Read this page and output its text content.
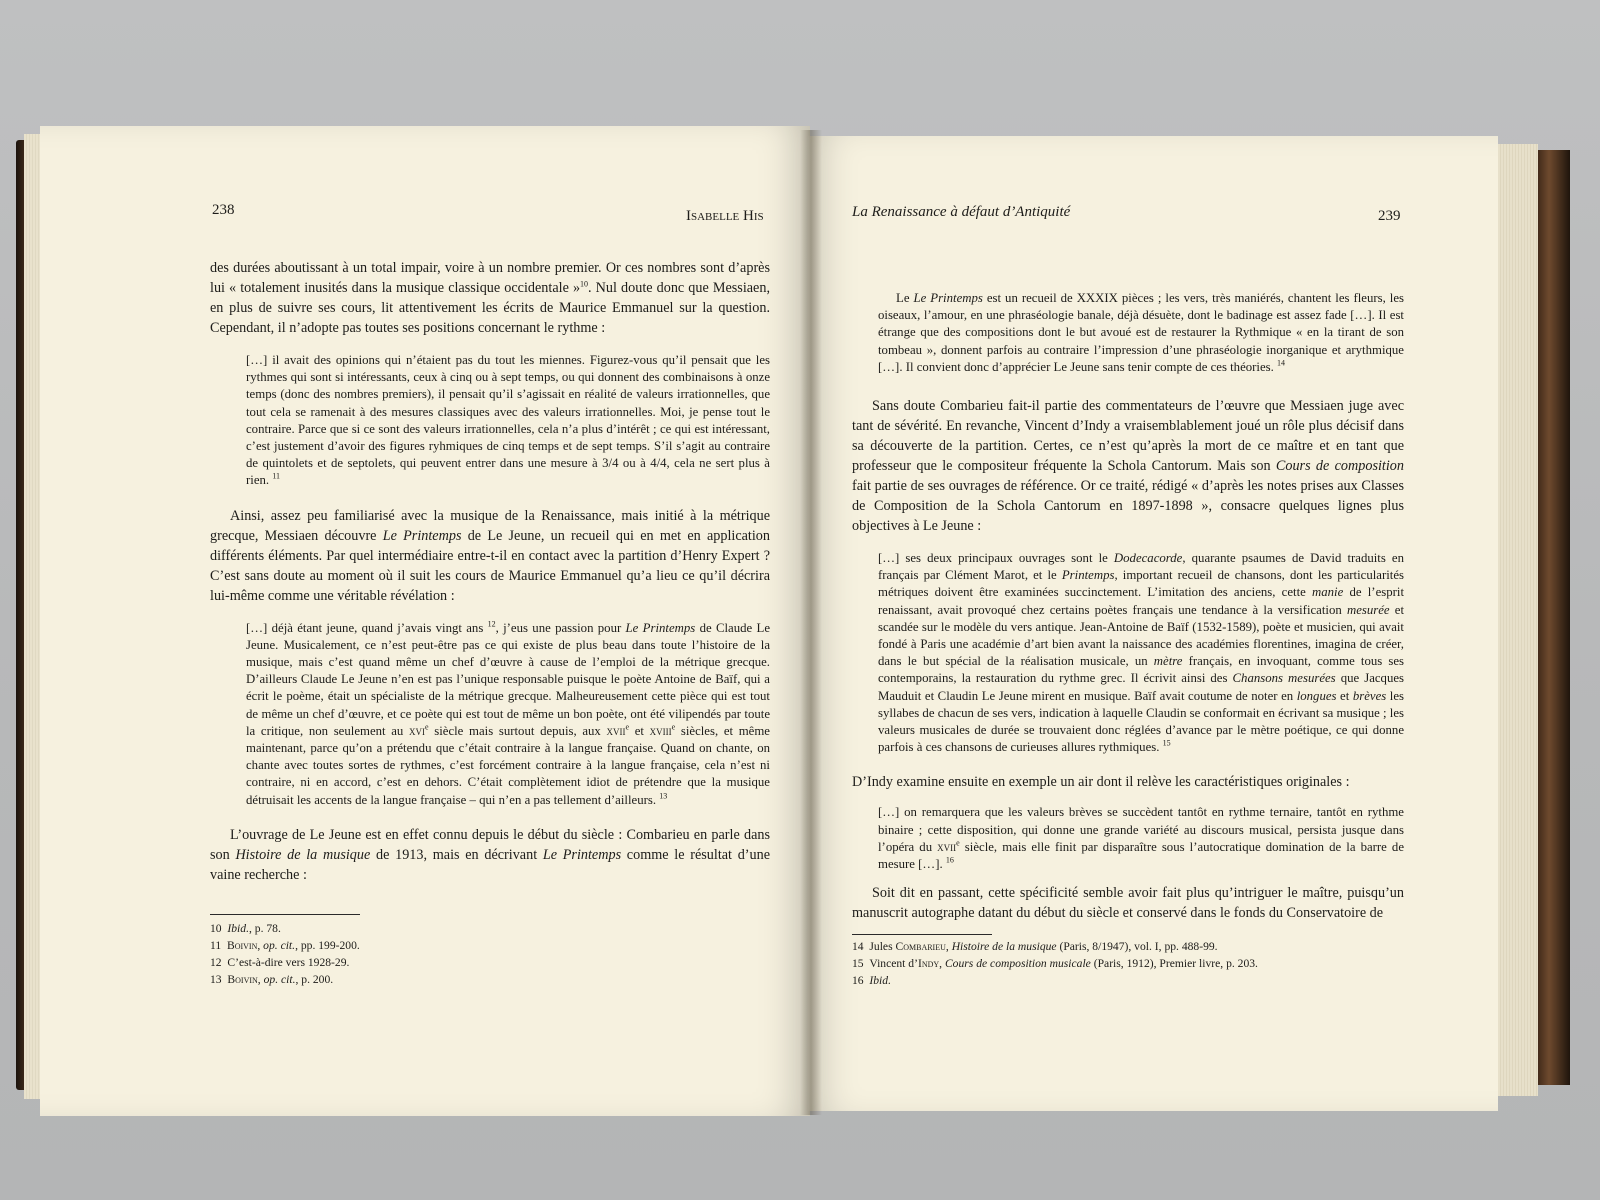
238	Isabelle His

des durées aboutissant à un total impair, voire à un nombre premier. Or ces nombres sont d’après lui « totalement inusités dans la musique classique occidentale »$^{10}$. Nul doute donc que Messiaen, en plus de suivre ses cours, lit attentivement les écrits de Maurice Emmanuel sur la question. Cependant, il n’adopte pas toutes ses positions concernant le rythme :

[…] il avait des opinions qui n’étaient pas du tout les miennes. Figurez-vous qu’il pensait que les rythmes qui sont si intéressants, ceux à cinq ou à sept temps, ou qui donnent des combinaisons à onze temps (donc des nombres premiers), il pensait qu’il s’agissait en réalité de valeurs irrationnelles, que tout cela se ramenait à des mesures classiques avec des valeurs irrationnelles. Moi, je pense tout le contraire. Parce que si ce sont des valeurs irrationnelles, cela n’a plus d’intérêt ; ce qui est intéressant, c’est justement d’avoir des figures ryhmiques de cinq temps et de sept temps. S’il s’agit au contraire de quintolets et de septolets, qui peuvent entrer dans une mesure à 3/4 ou à 4/4, cela ne sert plus à rien. $^{11}$

Ainsi, assez peu familiarisé avec la musique de la Renaissance, mais initié à la métrique grecque, Messiaen découvre Le Printemps de Le Jeune, un recueil qui en met en application différents éléments. Par quel intermédiaire entre-t-il en contact avec la partition d’Henry Expert ? C’est sans doute au moment où il suit les cours de Maurice Emmanuel qu’a lieu ce qu’il décrira lui-même comme une véritable révélation :

[…] déjà étant jeune, quand j’avais vingt ans $^{12}$, j’eus une passion pour Le Printemps de Claude Le Jeune. Musicalement, ce n’est peut-être pas ce qui existe de plus beau dans toute l’histoire de la musique, mais c’est quand même un chef d’œuvre à cause de l’emploi de la métrique grecque. D’ailleurs Claude Le Jeune n’en est pas l’unique responsable puisque le poète Antoine de Baïf, qui a écrit le poème, était un spécialiste de la métrique grecque. Malheureusement cette pièce qui est tout de même un chef d’œuvre, et ce poète qui est tout de même un bon poète, ont été vilipendés par toute la critique, non seulement au xvi$^e$ siècle mais surtout depuis, aux xvii$^e$ et xviii$^e$ siècles, et même maintenant, parce qu’on a prétendu que c’était contraire à la langue française. Quand on chante, on chante avec toutes sortes de rythmes, c’est forcément contraire à la langue française, cela n’est ni contraire, ni en accord, c’est en dehors. C’était complètement idiot de prétendre que la musique détruisait les accents de la langue française – qui n’en a pas tellement d’ailleurs. $^{13}$

L’ouvrage de Le Jeune est en effet connu depuis le début du siècle : Combarieu en parle dans son Histoire de la musique de 1913, mais en décrivant Le Printemps comme le résultat d’une vaine recherche :

10 Ibid., p. 78.
11 Boivin, op. cit., pp. 199-200.
12 C’est-à-dire vers 1928-29.
13 Boivin, op. cit., p. 200.
La Renaissance à défaut d’Antiquité	239

Le Le Printemps est un recueil de XXXIX pièces ; les vers, très maniérés, chantent les fleurs, les oiseaux, l’amour, en une phraséologie banale, déjà désuète, dont le badinage est assez fade […]. Il est étrange que des compositions dont le but avoué est de restaurer la Rythmique « en la tirant de son tombeau », donnent parfois au contraire l’impression d’une phraséologie inorganique et arythmique […]. Il convient donc d’apprécier Le Jeune sans tenir compte de ces théories. $^{14}$

Sans doute Combarieu fait-il partie des commentateurs de l’œuvre que Messiaen juge avec tant de sévérité. En revanche, Vincent d’Indy a vraisemblablement joué un rôle plus décisif dans sa découverte de la partition. Certes, ce n’est qu’après la mort de ce maître et en tant que professeur que le compositeur fréquente la Schola Cantorum. Mais son Cours de composition fait partie de ses ouvrages de référence. Or ce traité, rédigé « d’après les notes prises aux Classes de Composition de la Schola Cantorum en 1897-1898 », consacre quelques lignes plus objectives à Le Jeune :

[…] ses deux principaux ouvrages sont le Dodecacorde, quarante psaumes de David traduits en français par Clément Marot, et le Printemps, important recueil de chansons, dont les particularités métriques doivent être examinées succinctement. L’imitation des anciens, cette manie de l’esprit renaissant, avait provoqué chez certains poètes français une tendance à la versification mesurée et scandée sur le modèle du vers antique. Jean-Antoine de Baïf (1532-1589), poète et musicien, qui avait fondé à Paris une académie d’art bien avant la naissance des académies florentines, imagina de créer, dans le but spécial de la réalisation musicale, un mètre français, en invoquant, comme tous ses contemporains, la restauration du rythme grec. Il écrivit ainsi des Chansons mesurées que Jacques Mauduit et Claudin Le Jeune mirent en musique. Baïf avait coutume de noter en longues et brèves les syllabes de chacun de ses vers, indication à laquelle Claudin se conformait en écrivant sa musique ; les valeurs musicales de durée se trouvaient donc réglées d’avance par le mètre poétique, ce qui donne parfois à ces chansons de curieuses allures rythmiques. $^{15}$

D’Indy examine ensuite en exemple un air dont il relève les caractéristiques originales :

[…] on remarquera que les valeurs brèves se succèdent tantôt en rythme ternaire, tantôt en rythme binaire ; cette disposition, qui donne une grande variété au discours musical, persista jusque dans l’opéra du xvii$^e$ siècle, mais elle finit par disparaître sous l’autocratique domination de la barre de mesure […]. $^{16}$

Soit dit en passant, cette spécificité semble avoir fait plus qu’intriguer le maître, puisqu’un manuscrit autographe datant du début du siècle et conservé dans le fonds du Conservatoire de

14 Jules Combarieu, Histoire de la musique (Paris, 8/1947), vol. I, pp. 488-99.
15 Vincent d’Indy, Cours de composition musicale (Paris, 1912), Premier livre, p. 203.
16 Ibid.
